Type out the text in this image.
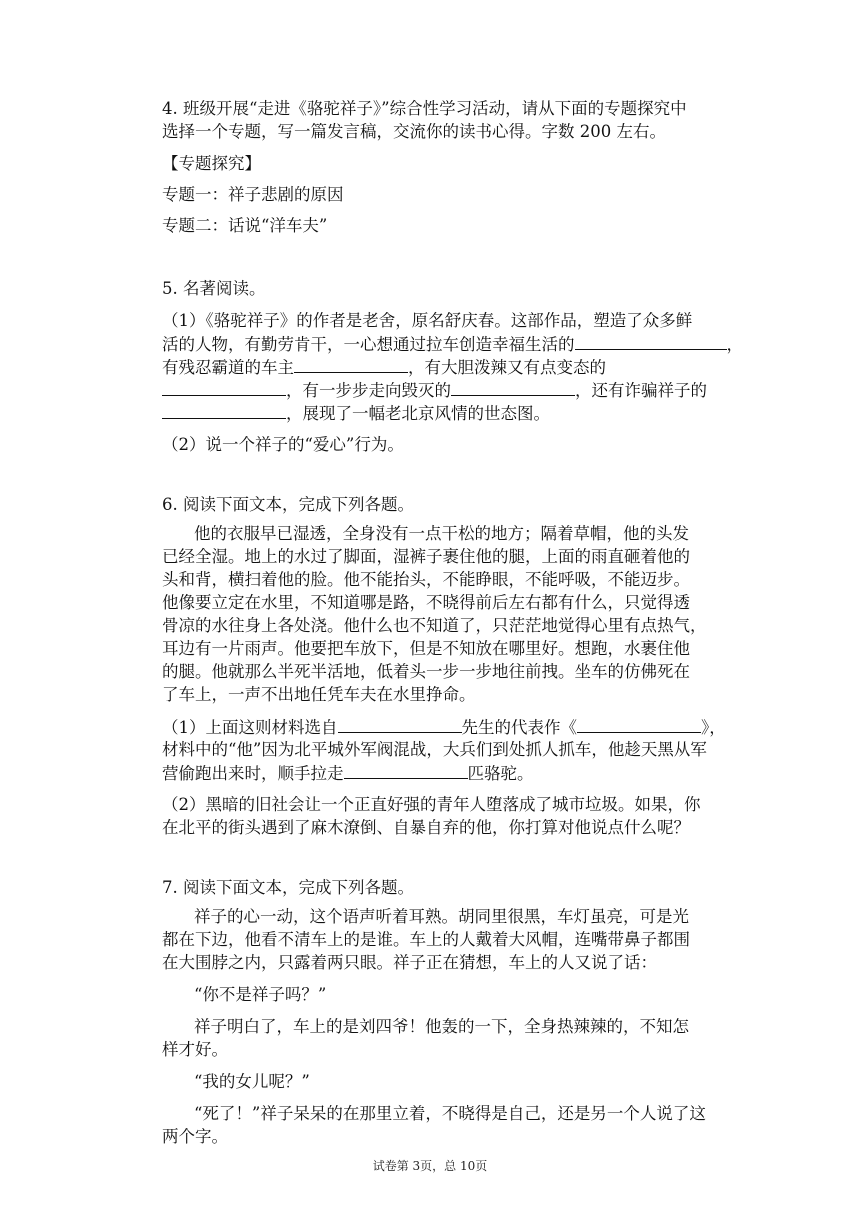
4. 班级开展“走进《骆驼祥子》”综合性学习活动，请从下面的专题探究中
选择一个专题，写一篇发言稿，交流你的读书心得。字数 200 左右。
【专题探究】
专题一：祥子悲剧的原因
专题二：话说“洋车夫”
5. 名著阅读。
（1）《骆驼祥子》的作者是老舍，原名舒庆春。这部作品，塑造了众多鲜
活的人物，有勤劳肯干，一心想通过拉车创造幸福生活的	，
有残忍霸道的车主	，有大胆泼辣又有点变态的
，有一步步走向毁灭的	，还有诈骗祥子的
，展现了一幅老北京风情的世态图。
（2）说一个祥子的“爱心”行为。
6. 阅读下面文本，完成下列各题。
他的衣服早已湿透，全身没有一点干松的地方；隔着草帽，他的头发
已经全湿。地上的水过了脚面，湿裤子裹住他的腿，上面的雨直砸着他的
头和背，横扫着他的脸。他不能抬头，不能睁眼，不能呼吸，不能迈步。
他像要立定在水里，不知道哪是路，不晓得前后左右都有什么，只觉得透
骨凉的水往身上各处浇。他什么也不知道了，只茫茫地觉得心里有点热气，
耳边有一片雨声。他要把车放下，但是不知放在哪里好。想跑，水裹住他
的腿。他就那么半死半活地，低着头一步一步地往前拽。坐车的仿佛死在
了车上，一声不出地任凭车夫在水里挣命。
（1）上面这则材料选自	先生的代表作《	》，
材料中的“他”因为北平城外军阀混战，大兵们到处抓人抓车，他趁天黑从军
营偷跑出来时，顺手拉走	匹骆驼。
（2）黑暗的旧社会让一个正直好强的青年人堕落成了城市垃圾。如果，你
在北平的街头遇到了麻木潦倒、自暴自弃的他，你打算对他说点什么呢？
7. 阅读下面文本，完成下列各题。
祥子的心一动，这个语声听着耳熟。胡同里很黑，车灯虽亮，可是光
都在下边，他看不清车上的是谁。车上的人戴着大风帽，连嘴带鼻子都围
在大围脖之内，只露着两只眼。祥子正在猜想，车上的人又说了话：
“你不是祥子吗？”
祥子明白了，车上的是刘四爷！他轰的一下，全身热辣辣的，不知怎
样才好。
“我的女儿呢？”
“死了！”祥子呆呆的在那里立着，不晓得是自己，还是另一个人说了这
两个字。
试卷第 3页，总 10页
